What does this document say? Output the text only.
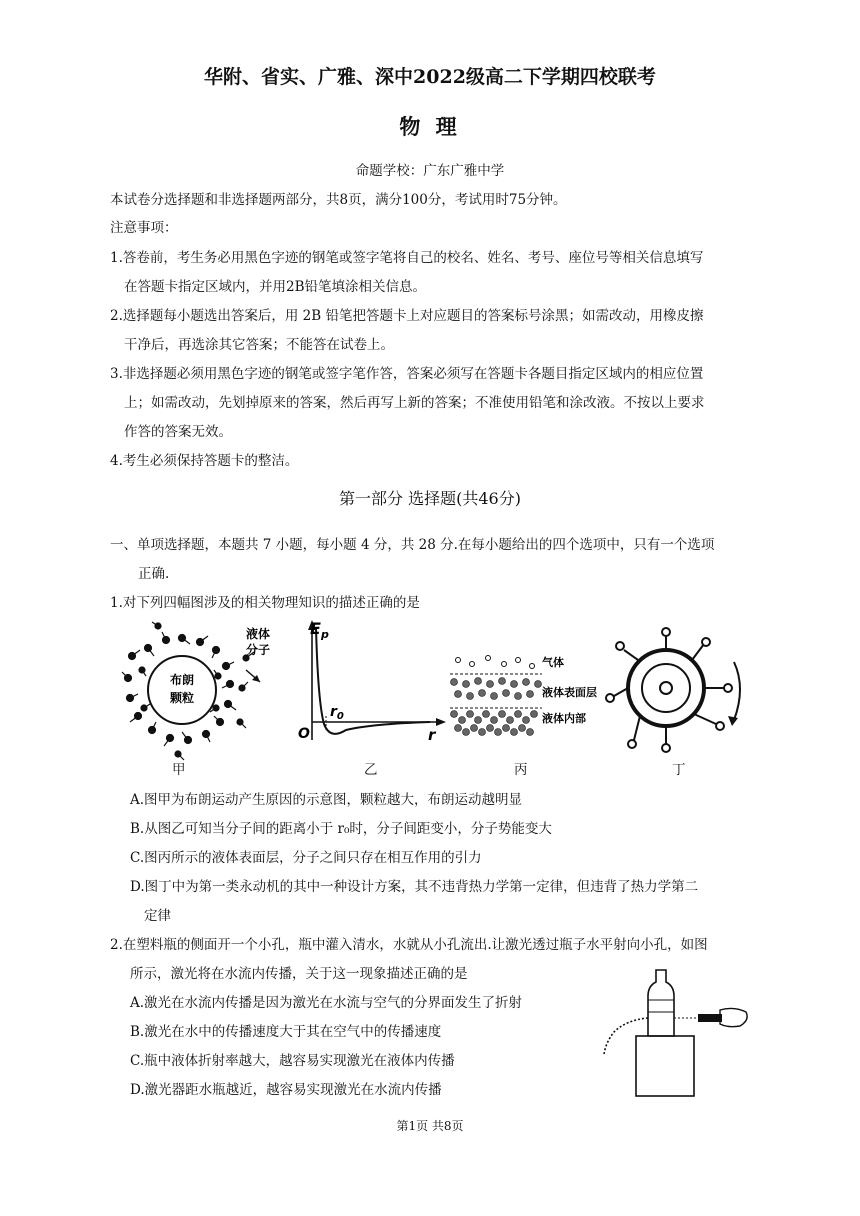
华附、省实、广雅、深中2022级高二下学期四校联考
物 理
命题学校：广东广雅中学
本试卷分选择题和非选择题两部分，共8页，满分100分，考试用时75分钟。
注意事项：
1.答卷前，考生务必用黑色字迹的钢笔或签字笔将自己的校名、姓名、考号、座位号等相关信息填写
在答题卡指定区域内，并用2B铅笔填涂相关信息。
2.选择题每小题选出答案后，用 2B 铅笔把答题卡上对应题目的答案标号涂黑；如需改动，用橡皮擦
干净后，再选涂其它答案；不能答在试卷上。
3.非选择题必须用黑色字迹的钢笔或签字笔作答，答案必须写在答题卡各题目指定区域内的相应位置
上；如需改动，先划掉原来的答案，然后再写上新的答案；不准使用铅笔和涂改液。不按以上要求
作答的答案无效。
4.考生必须保持答题卡的整洁。
第一部分 选择题(共46分)
一、单项选择题，本题共 7 小题，每小题 4 分，共 28 分.在每小题给出的四个选项中，只有一个选项
正确.
1.对下列四幅图涉及的相关物理知识的描述正确的是
布朗
颗粒
液体
分子
甲
$E_p$
$r_0$
O	r
乙
气体
液体表面层
液体内部
丙	丁
A.图甲为布朗运动产生原因的示意图，颗粒越大，布朗运动越明显
B.从图乙可知当分子间的距离小于 r₀时，分子间距变小，分子势能变大
C.图丙所示的液体表面层，分子之间只存在相互作用的引力
D.图丁中为第一类永动机的其中一种设计方案，其不违背热力学第一定律，但违背了热力学第二
定律
2.在塑料瓶的侧面开一个小孔，瓶中灌入清水，水就从小孔流出.让激光透过瓶子水平射向小孔，如图
所示，激光将在水流内传播，关于这一现象描述正确的是
A.激光在水流内传播是因为激光在水流与空气的分界面发生了折射
B.激光在水中的传播速度大于其在空气中的传播速度
C.瓶中液体折射率越大，越容易实现激光在液体内传播
D.激光器距水瓶越近，越容易实现激光在水流内传播
第1页 共8页
